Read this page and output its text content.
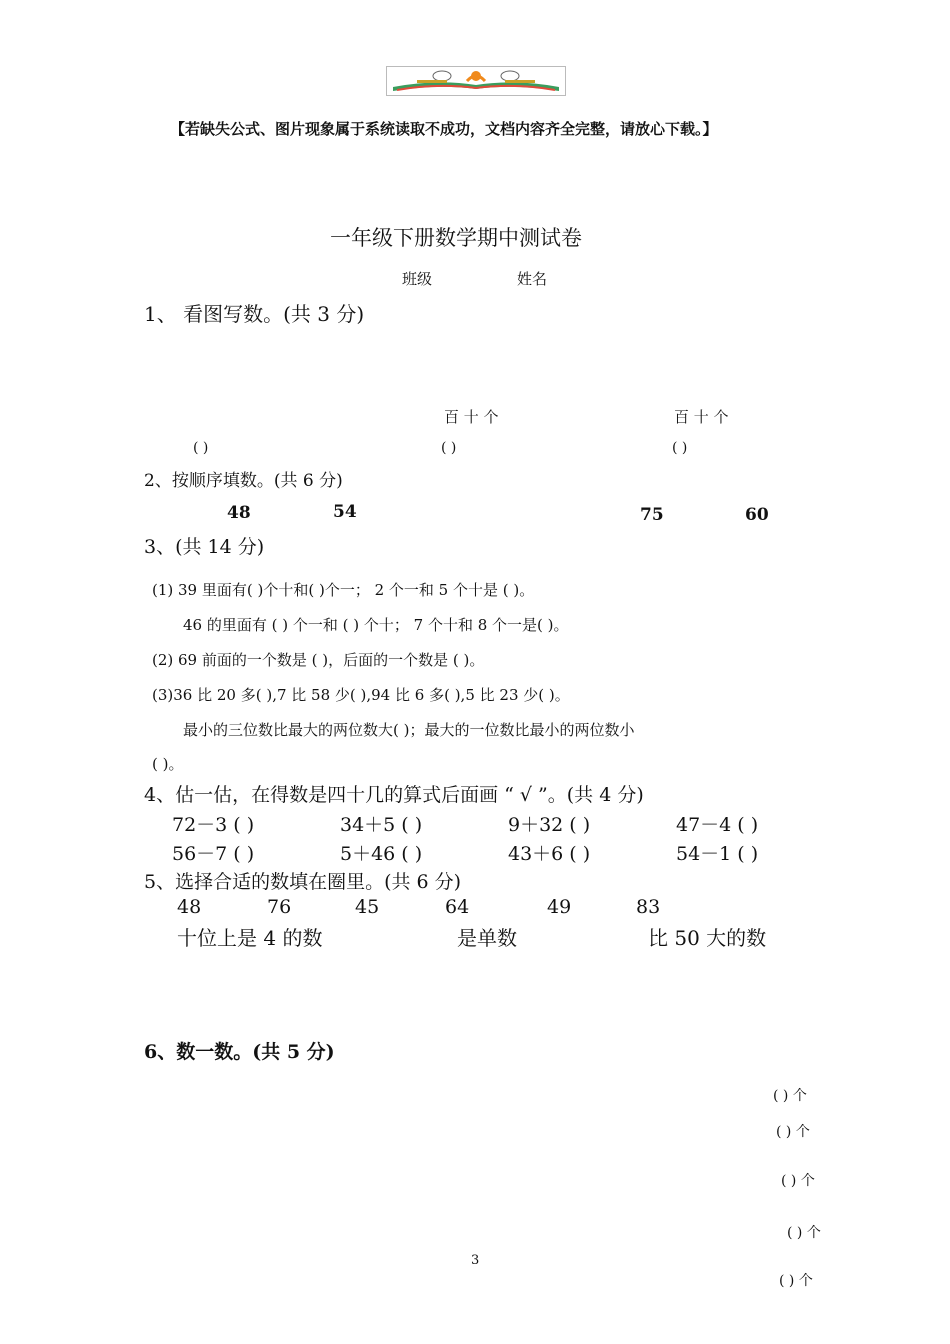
【若缺失公式、图片现象属于系统读取不成功，文档内容齐全完整，请放心下载。】
一年级下册数学期中测试卷
班级	姓名
1、 看图写数。(共 3 分)
百 十 个	百 十 个
( )	( )	( )
2、按顺序填数。(共 6 分)
48	54	75	60
3、(共 14 分)
(1) 39 里面有( )个十和( )个一； 2 个一和 5 个十是 ( )。
46 的里面有 ( ) 个一和 ( ) 个十； 7 个十和 8 个一是( )。
(2) 69 前面的一个数是 ( )，后面的一个数是 ( )。
(3)36 比 20 多( ),7 比 58 少( ),94 比 6 多( ),5 比 23 少( )。
最小的三位数比最大的两位数大( )；最大的一位数比最小的两位数小
( )。
4、估一估，在得数是四十几的算式后面画 “ √ ”。(共 4 分)
72－3 ( )	34＋5 ( )	9＋32 ( )	47－4 ( )
56－7 ( )	5＋46 ( )	43＋6 ( )	54－1 ( )
5、选择合适的数填在圈里。(共 6 分)
48	76	45	64	49	83
十位上是 4 的数	是单数	比 50 大的数
6、数一数。(共 5 分)
( ) 个
( ) 个
( ) 个
( ) 个
( ) 个
3
